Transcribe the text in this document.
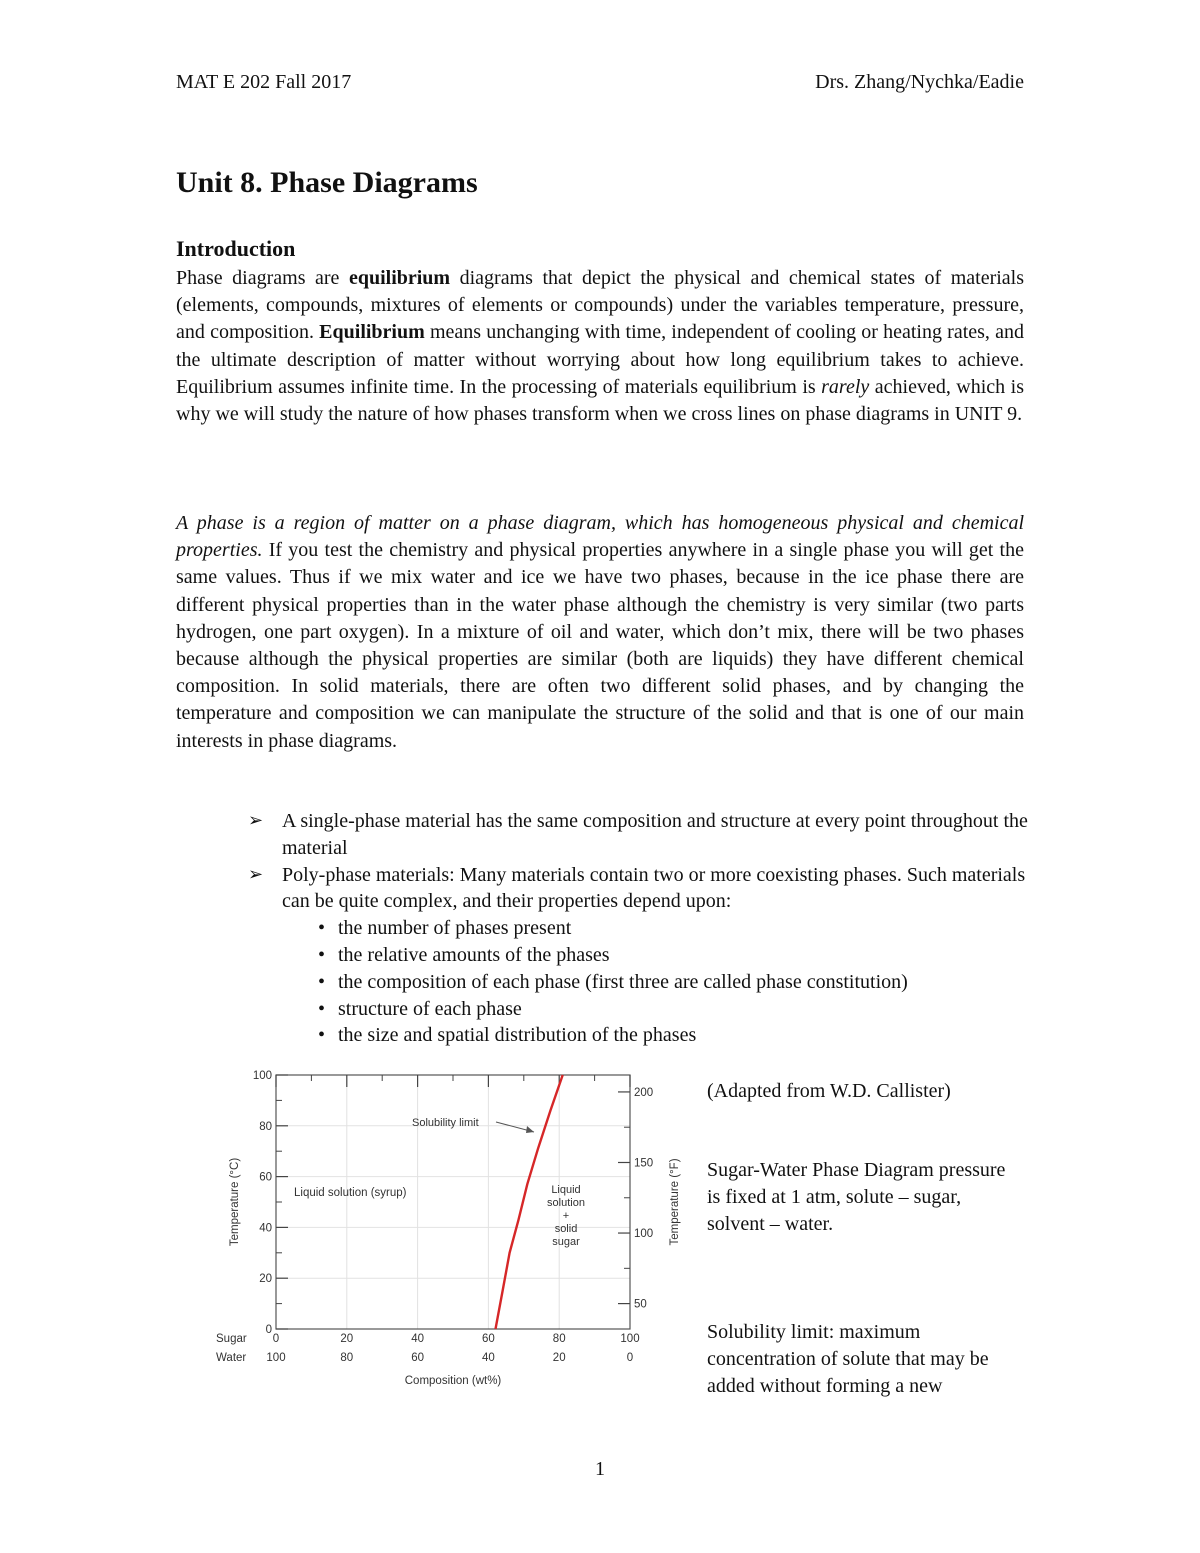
MAT E 202 Fall 2017	Drs. Zhang/Nychka/Eadie
Unit 8. Phase Diagrams
Introduction

Phase diagrams are equilibrium diagrams that depict the physical and chemical states of materials (elements, compounds, mixtures of elements or compounds) under the variables temperature, pressure, and composition. Equilibrium means unchanging with time, independent of cooling or heating rates, and the ultimate description of matter without worrying about how long equilibrium takes to achieve. Equilibrium assumes infinite time. In the processing of materials equilibrium is rarely achieved, which is why we will study the nature of how phases transform when we cross lines on phase diagrams in UNIT 9.

A phase is a region of matter on a phase diagram, which has homogeneous physical and chemical properties. If you test the chemistry and physical properties anywhere in a single phase you will get the same values. Thus if we mix water and ice we have two phases, because in the ice phase there are different physical properties than in the water phase although the chemistry is very similar (two parts hydrogen, one part oxygen). In a mixture of oil and water, which don’t mix, there will be two phases because although the physical properties are similar (both are liquids) they have different chemical composition. In solid materials, there are often two different solid phases, and by changing the temperature and composition we can manipulate the structure of the solid and that is one of our main interests in phase diagrams.

➢ A single-phase material has the same composition and structure at every point throughout the material
➢ Poly-phase materials: Many materials contain two or more coexisting phases. Such materials can be quite complex, and their properties depend upon:
• the number of phases present
• the relative amounts of the phases
• the composition of each phase (first three are called phase constitution)
• structure of each phase
• the size and spatial distribution of the phases
0
20
40
60
80
100
0
100
20
80
40
60
60
40
80
20
100
0
50
100
150
200
Solubility limit
Liquid solution (syrup)	Liquid
solution
+
solid
sugar
Sugar
Water
Composition (wt%)
Temperature (°C)	Temperature (°F)

(Adapted from W.D. Callister)

Sugar-Water Phase Diagram pressure is fixed at 1 atm, solute – sugar, solvent – water.

Solubility limit: maximum concentration of solute that may be added without forming a new

1
